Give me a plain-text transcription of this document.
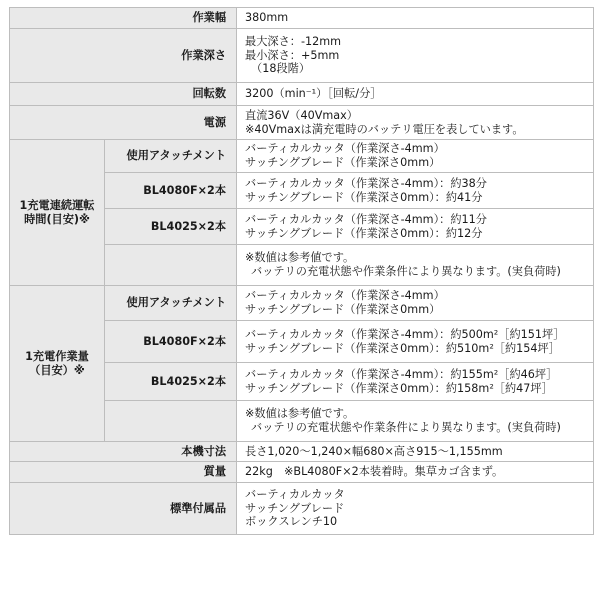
作業幅		380mm
作業深さ		最大深さ：-12mm
最小深さ：+5mm
（18段階）

回転数		3200（min⁻¹）［回転/分］
電源		直流36V（40Vmax）
※40Vmaxは満充電時のバッテリ電圧を表しています。

1充電連続運転
時間(目安)※	使用アタッチメント	バーティカルカッタ（作業深さ-4mm）
サッチングブレード（作業深さ0mm）

	BL4080F×2本	バーティカルカッタ（作業深さ-4mm）：約38分
サッチングブレード（作業深さ0mm）：約41分

	BL4025×2本	バーティカルカッタ（作業深さ-4mm）：約11分
サッチングブレード（作業深さ0mm）：約12分

		※数値は参考値です。
バッテリの充電状態や作業条件により異なります。(実負荷時)

1充電作業量
（目安）※	使用アタッチメント	バーティカルカッタ（作業深さ-4mm）
サッチングブレード（作業深さ0mm）

	BL4080F×2本	バーティカルカッタ（作業深さ-4mm）：約500m²［約151坪］
サッチングブレード（作業深さ0mm）：約510m²［約154坪］

	BL4025×2本	バーティカルカッタ（作業深さ-4mm）：約155m²［約46坪］
サッチングブレード（作業深さ0mm）：約158m²［約47坪］

		※数値は参考値です。
バッテリの充電状態や作業条件により異なります。(実負荷時)

本機寸法		長さ1,020～1,240×幅680×高さ915～1,155mm
質量		22kg　※BL4080F×2本装着時。集草カゴ含まず。
標準付属品		バーティカルカッタ
サッチングブレード
ボックスレンチ10
